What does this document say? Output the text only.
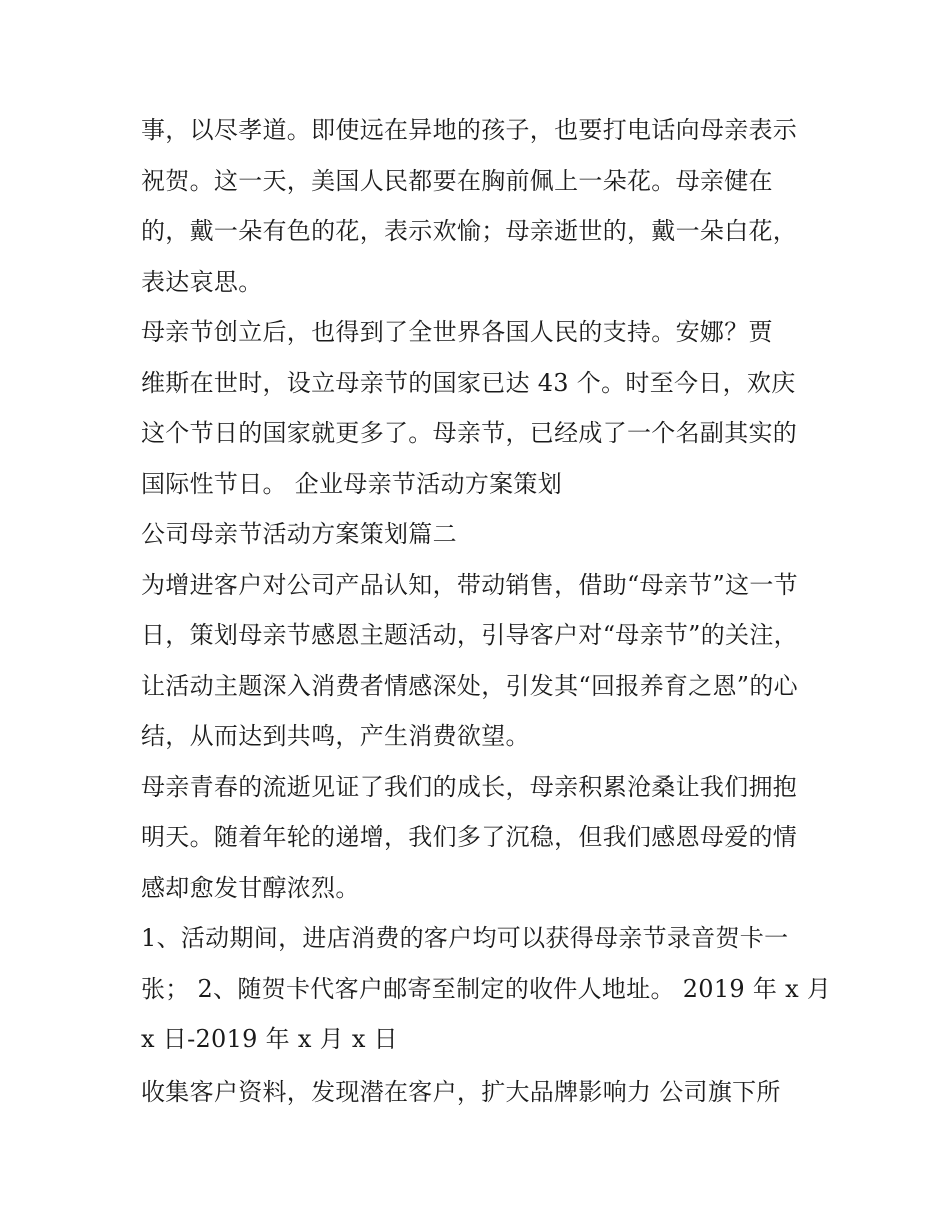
事，以尽孝道。即使远在异地的孩子，也要打电话向母亲表示
祝贺。这一天，美国人民都要在胸前佩上一朵花。母亲健在
的，戴一朵有色的花，表示欢愉；母亲逝世的，戴一朵白花，
表达哀思。
母亲节创立后，也得到了全世界各国人民的支持。安娜？贾
维斯在世时，设立母亲节的国家已达 43 个。时至今日，欢庆
这个节日的国家就更多了。母亲节，已经成了一个名副其实的
国际性节日。 企业母亲节活动方案策划
公司母亲节活动方案策划篇二
为增进客户对公司产品认知，带动销售，借助“母亲节”这一节
日，策划母亲节感恩主题活动，引导客户对“母亲节”的关注，
让活动主题深入消费者情感深处，引发其“回报养育之恩”的心
结，从而达到共鸣，产生消费欲望。
母亲青春的流逝见证了我们的成长，母亲积累沧桑让我们拥抱
明天。随着年轮的递增，我们多了沉稳，但我们感恩母爱的情
感却愈发甘醇浓烈。
1、活动期间，进店消费的客户均可以获得母亲节录音贺卡一
张； 2、随贺卡代客户邮寄至制定的收件人地址。 2019 年 x 月
x 日-2019 年 x 月 x 日
收集客户资料，发现潜在客户，扩大品牌影响力 公司旗下所
